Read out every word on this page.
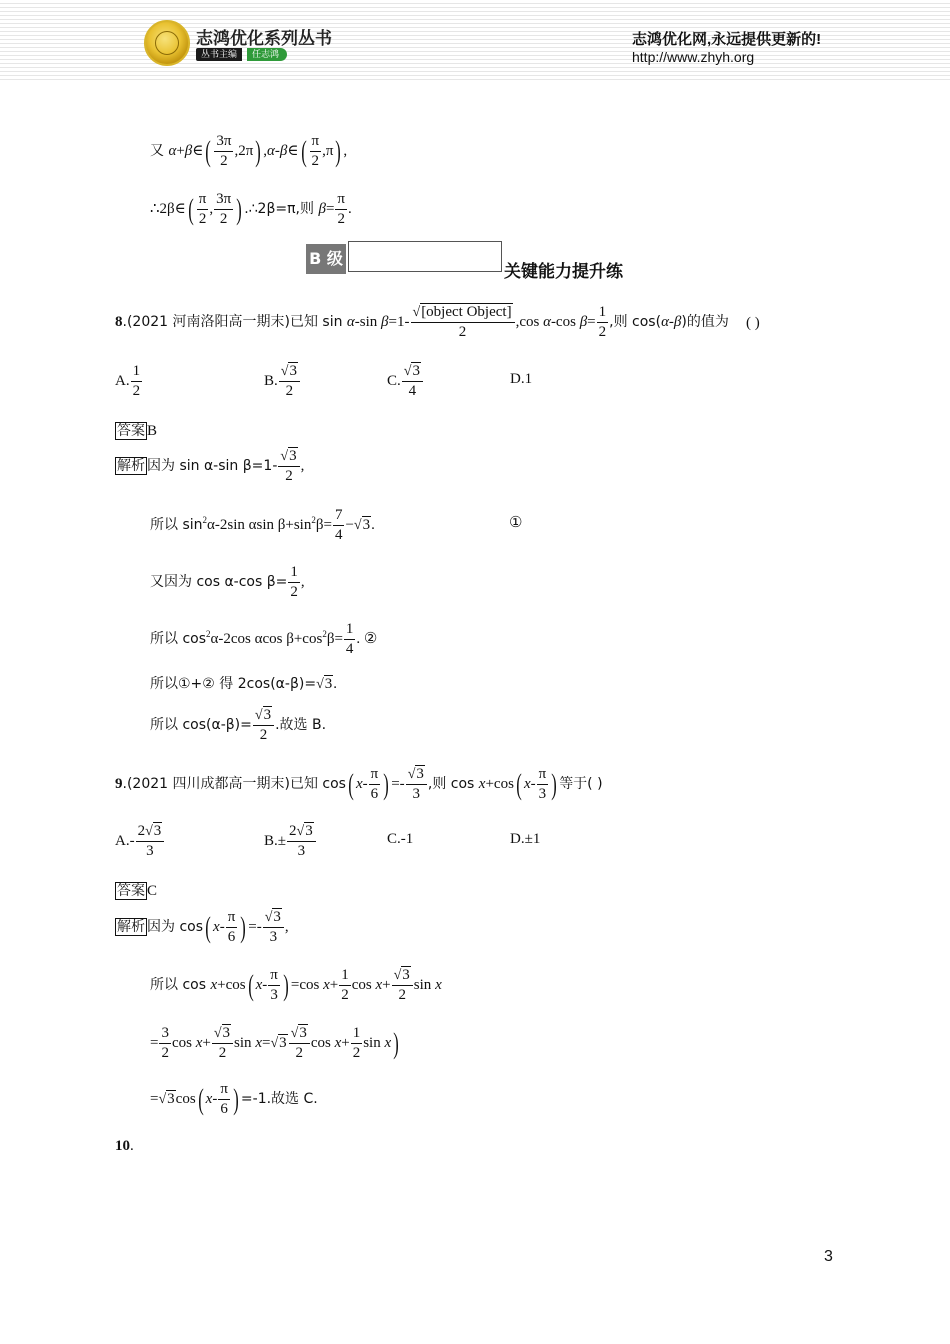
志鸿优化系列丛书
丛书主编	任志鸿
志鸿优化网,永远提供更新的!
http://www.zhyh.org
又 α+β∈( $\frac{3\pi}{2} ,2\pi$) ,α-β∈( $\frac{\pi}{2} ,\pi$) ,
∴2β∈( $\frac{\pi}{2}$ , $\frac{3\pi}{2}$ ) .∴2β=π,则 $\beta= \frac{\pi}{2}$ .
B 级
关键能力提升练
8.(2021 河南洛阳高一期末)已知 sin α-sin β=1-
√[object Object]
2
,cos α-cos $\beta= \frac{1}{2}$ ,则 cos(α-β)的值为 ( )
A. $\frac{1}{2}$	B. $\frac{√3}{2}$	C. $\frac{√3}{4}$	D.1
答案 B
解析 因为 sin α-sin $\beta=1- \frac{√3}{2}$ ,
所以 $\sin^2\alpha-2\sin$ αsin $\beta+\sin^2\beta= \frac{7}{4} -√3$.	①
又因为 cos α-cos $\beta= \frac{1}{2}$ ,
所以 $\cos^2\alpha-2\cos$ αcos $\beta+\cos^2\beta= \frac{1}{4}$ . ②
所以①+② 得 2cos(α-β)=√3.
所以 $\cos(\alpha-\beta)= \frac{√3}{2}$ .故选 B.
9.(2021 四川成都高一期末)已知 cos( $x- \frac{\pi}{6}$ ) =- $\frac{√3}{3}$ ,则 cos x+cos( $x- \frac{\pi}{3}$ ) 等于( )
$A.- \frac{2√3}{3}$	$B.\pm \frac{2√3}{3}$	C.-1	D.±1
答案 C
解析 因为 cos( $x- \frac{\pi}{6}$ ) =- $\frac{√3}{3}$ ,
所以 cos x+cos( $x- \frac{\pi}{3}$ ) =cos $x+ \frac{1}{2}$ $\cos x+ \frac{√3}{2}$ sin x
= $\frac{3}{2}$ $\cos x+ \frac{√3}{2}$ $\sin x=√3 \frac{√3}{2}$ $\cos x+ \frac{1}{2}$ sin x)
=√3cos( $x- \frac{\pi}{6}$ ) =-1.故选 C.
10.
3
